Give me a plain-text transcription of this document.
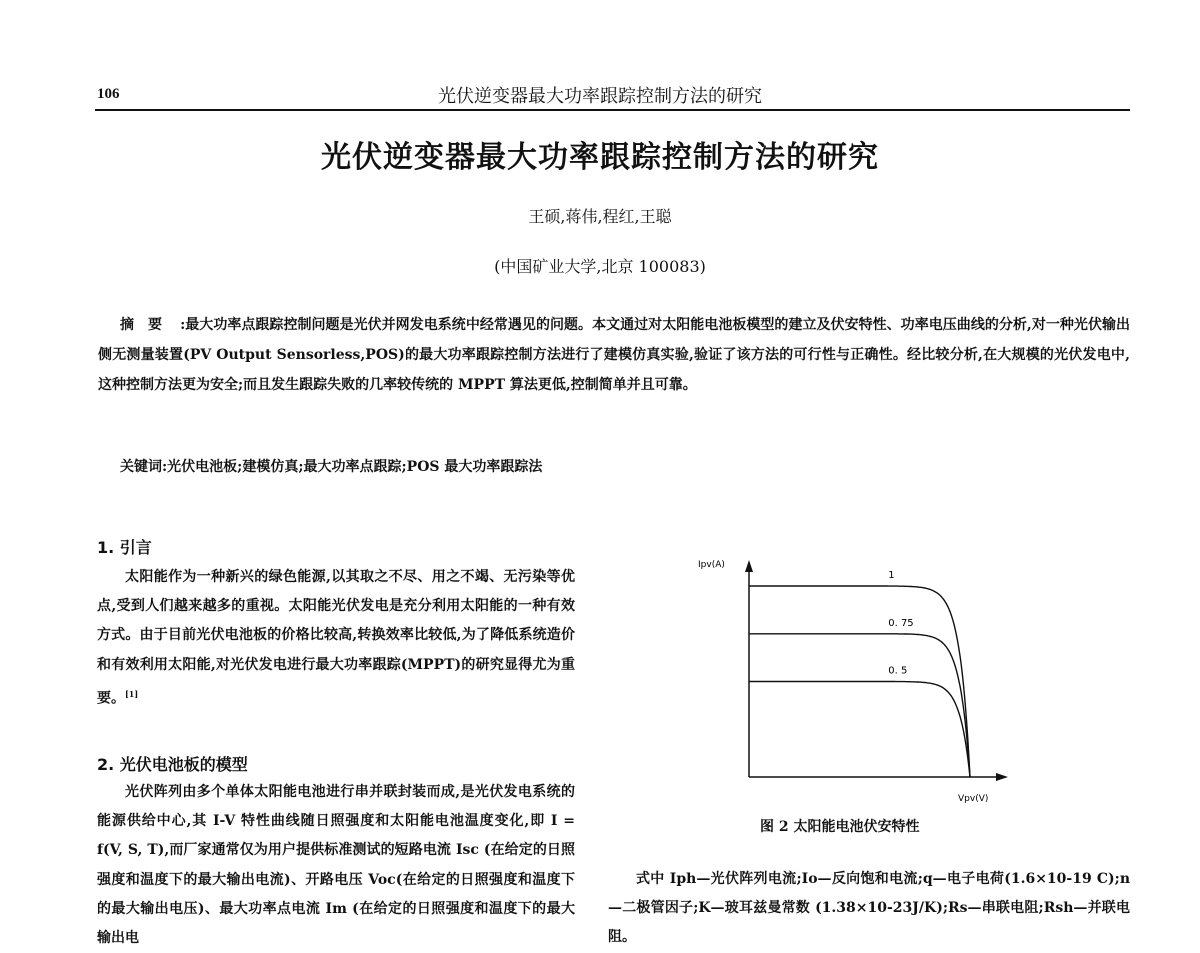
106	光伏逆变器最大功率跟踪控制方法的研究
光伏逆变器最大功率跟踪控制方法的研究
王硕,蒋伟,程红,王聪
(中国矿业大学,北京 100083)
摘要 :最大功率点跟踪控制问题是光伏并网发电系统中经常遇见的问题。本文通过对太阳能电池板模型的建立及伏安特性、功率电压曲线的分析,对一种光伏输出侧无测量装置(PV Output Sensorless,POS)的最大功率跟踪控制方法进行了建模仿真实验,验证了该方法的可行性与正确性。经比较分析,在大规模的光伏发电中,这种控制方法更为安全;而且发生跟踪失败的几率较传统的 MPPT 算法更低,控制简单并且可靠。
关键词:光伏电池板;建模仿真;最大功率点跟踪;POS 最大功率跟踪法
1. 引言
太阳能作为一种新兴的绿色能源,以其取之不尽、用之不竭、无污染等优点,受到人们越来越多的重视。太阳能光伏发电是充分利用太阳能的一种有效方式。由于目前光伏电池板的价格比较高,转换效率比较低,为了降低系统造价和有效利用太阳能,对光伏发电进行最大功率跟踪(MPPT)的研究显得尤为重要。[1]
2. 光伏电池板的模型
光伏阵列由多个单体太阳能电池进行串并联封装而成,是光伏发电系统的能源供给中心,其 I-V 特性曲线随日照强度和太阳能电池温度变化,即 I = f(V, S, T),而厂家通常仅为用户提供标准测试的短路电流 Isc (在给定的日照强度和温度下的最大输出电流)、开路电压 Voc(在给定的日照强度和温度下的最大输出电压)、最大功率点电流 Im (在给定的日照强度和温度下的最大输出电
Ipv(A)
Vpv(V)
1
0. 75
0. 5
图 2 太阳能电池伏安特性
式中 Iph—光伏阵列电流;Io—反向饱和电流;q—电子电荷(1.6×10-19 C);n—二极管因子;K—玻耳兹曼常数 (1.38×10-23J/K);Rs—串联电阻;Rsh—并联电阻。
